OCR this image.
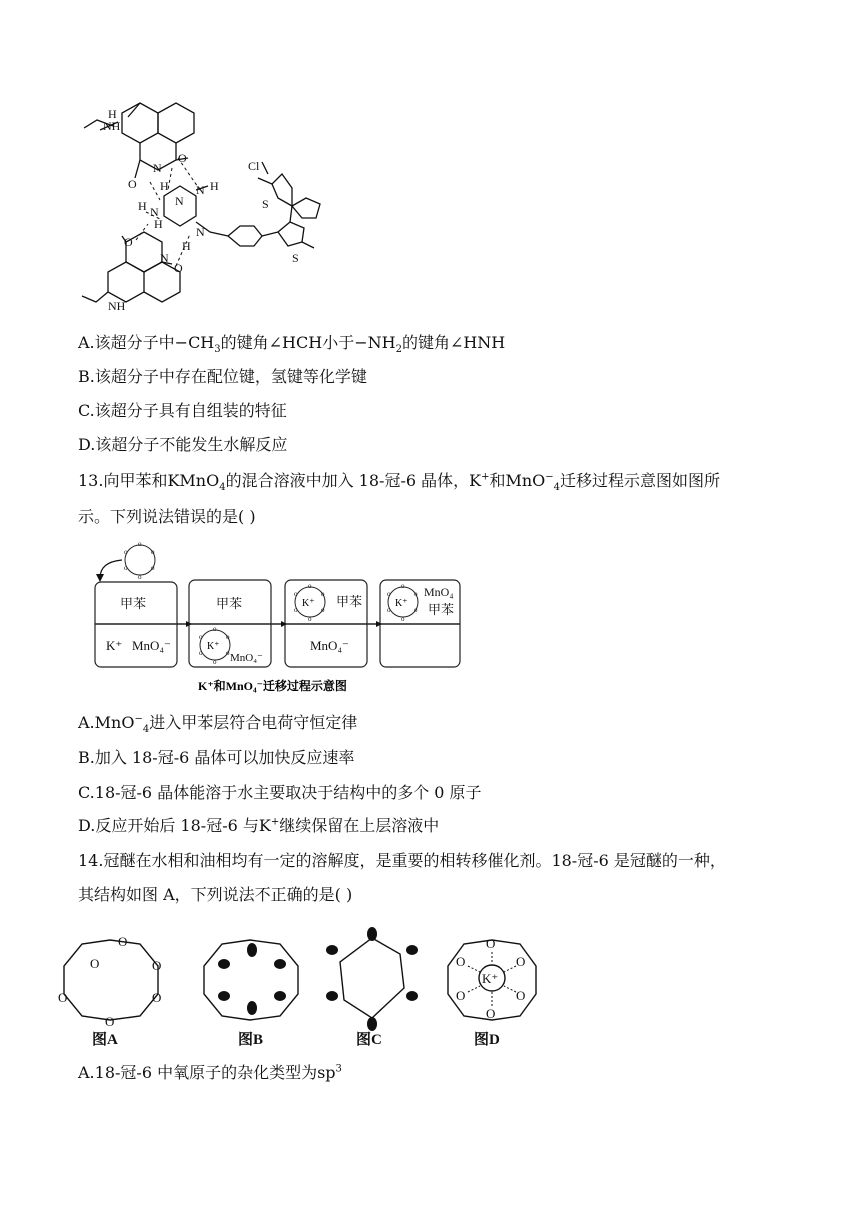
NH
H
O
N
O H N H
N
H N
H
N
O	H
N
O
NH
Cl
S
S
A.该超分子中$-CH_3$的键角∠HCH小于$-NH_2$的键角∠HNH
B.该超分子中存在配位键，氢键等化学键
C.该超分子具有自组装的特征
D.该超分子不能发生水解反应
13.向甲苯和KMnO$_4$的混合溶液中加入 18-冠-6 晶体，K+和MnO−$_4$迁移过程示意图如图所
示。下列说法错误的是( )
o
甲苯
K⁺ MnO₄⁻
甲苯
MnO₄⁻
甲苯
MnO₄⁻
MnO₄
甲苯
K⁺
K⁺	K⁺
K⁺和MnO₄⁻迁移过程示意图
A.MnO−$_4$进入甲苯层符合电荷守恒定律
B.加入 18-冠-6 晶体可以加快反应速率
C.18-冠-6 晶体能溶于水主要取决于结构中的多个 0 原子
D.反应开始后 18-冠-6 与K+继续保留在上层溶液中
14.冠醚在水相和油相均有一定的溶解度，是重要的相转移催化剂。18-冠-6 是冠醚的一种，
其结构如图 A，下列说法不正确的是( )
O
O
O
O
O
O
O
O
O
O
O
O
K⁺
图A	图B	图C	图D
A.18-冠-6 中氧原子的杂化类型为$sp^3$
